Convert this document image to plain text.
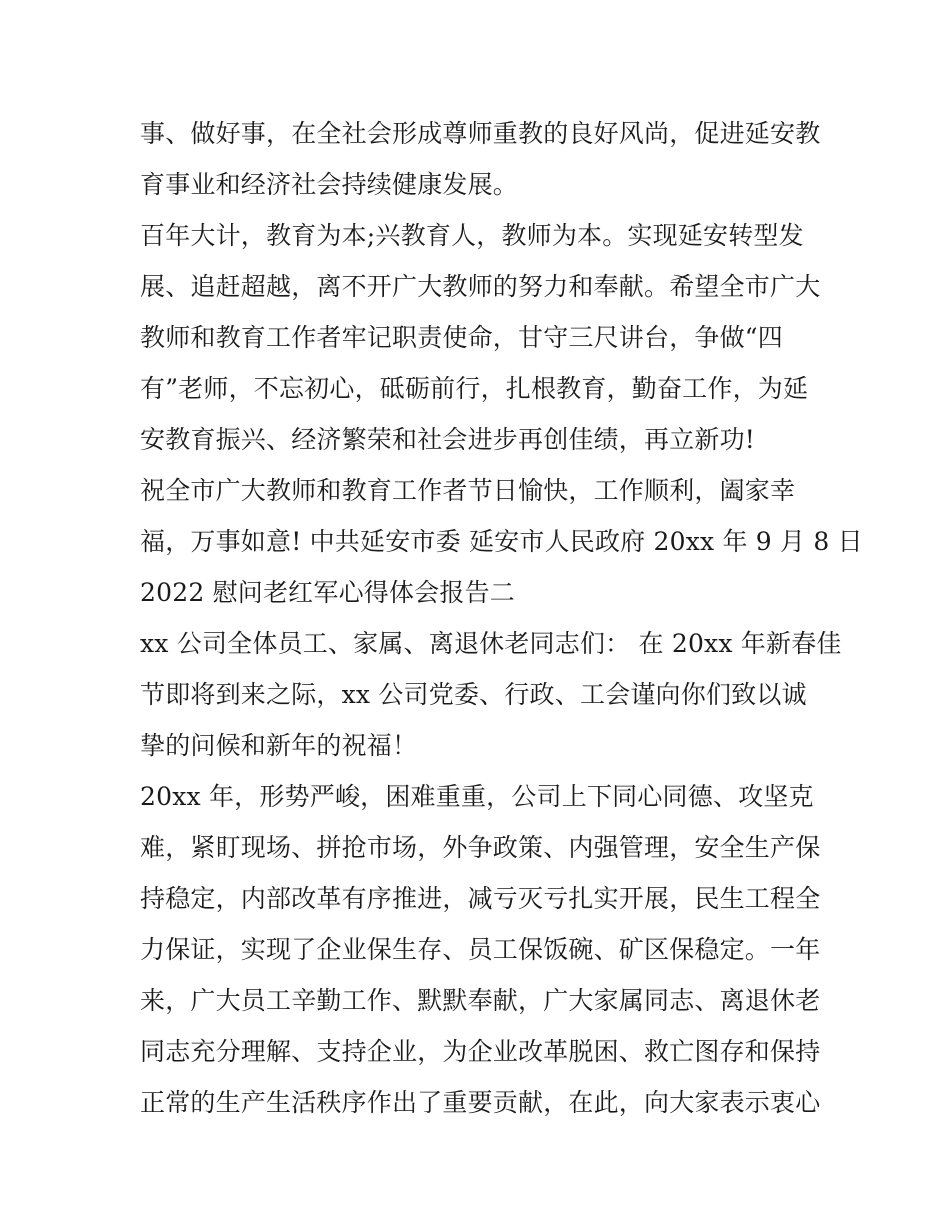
事、做好事，在全社会形成尊师重教的良好风尚，促进延安教
育事业和经济社会持续健康发展。
百年大计，教育为本;兴教育人，教师为本。实现延安转型发
展、追赶超越，离不开广大教师的努力和奉献。希望全市广大
教师和教育工作者牢记职责使命，甘守三尺讲台，争做“四
有”老师，不忘初心，砥砺前行，扎根教育，勤奋工作，为延
安教育振兴、经济繁荣和社会进步再创佳绩，再立新功!
祝全市广大教师和教育工作者节日愉快，工作顺利，阖家幸
福，万事如意! 中共延安市委 延安市人民政府 20xx 年 9 月 8 日
2022 慰问老红军心得体会报告二
xx 公司全体员工、家属、离退休老同志们： 在 20xx 年新春佳
节即将到来之际，xx 公司党委、行政、工会谨向你们致以诚
挚的问候和新年的祝福！
20xx 年，形势严峻，困难重重，公司上下同心同德、攻坚克
难，紧盯现场、拼抢市场，外争政策、内强管理，安全生产保
持稳定，内部改革有序推进，减亏灭亏扎实开展，民生工程全
力保证，实现了企业保生存、员工保饭碗、矿区保稳定。一年
来，广大员工辛勤工作、默默奉献，广大家属同志、离退休老
同志充分理解、支持企业，为企业改革脱困、救亡图存和保持
正常的生产生活秩序作出了重要贡献，在此，向大家表示衷心
